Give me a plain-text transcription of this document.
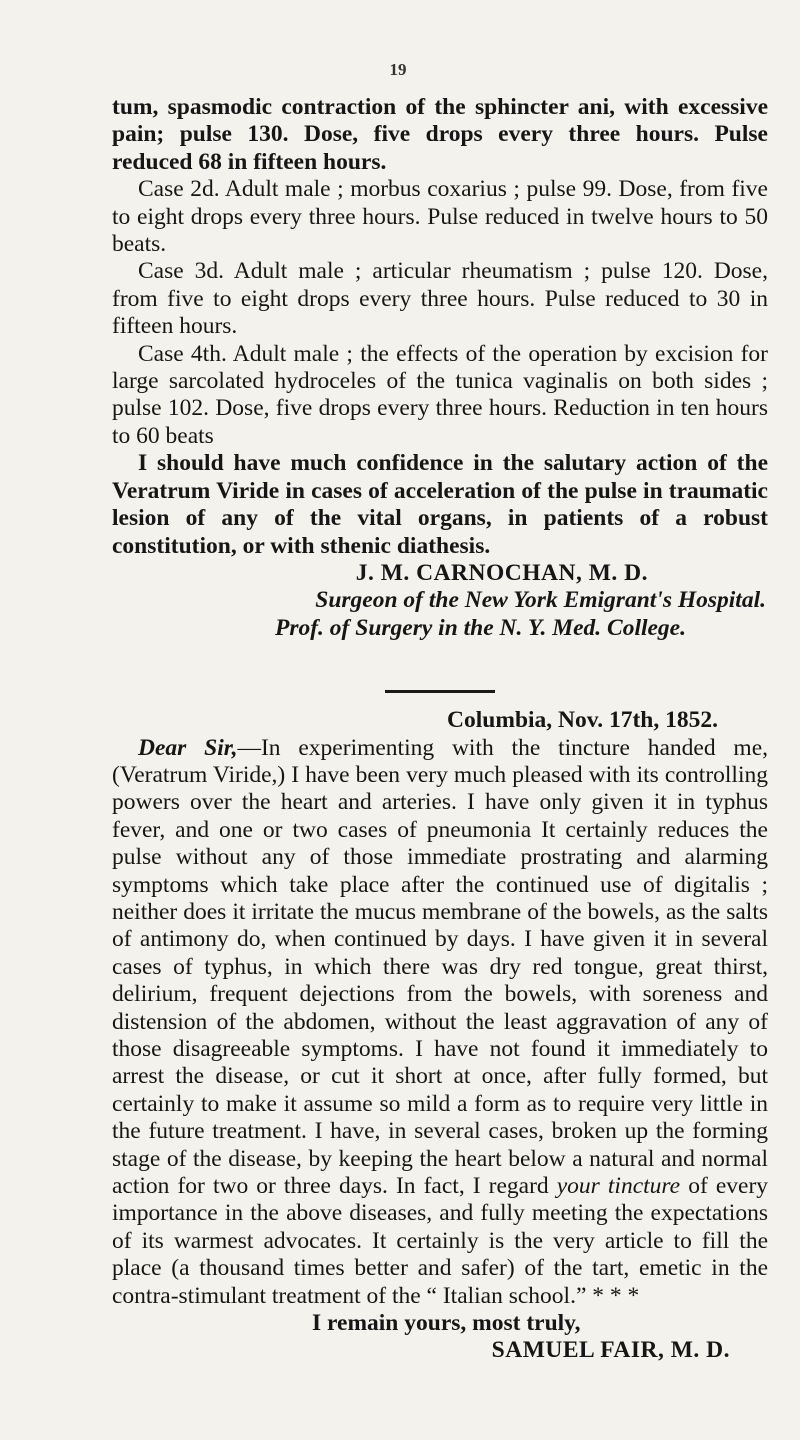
19

tum, spasmodic contraction of the sphincter ani, with excessive pain; pulse 130. Dose, five drops every three hours. Pulse reduced 68 in fifteen hours.

Case 2d. Adult male ; morbus coxarius ; pulse 99. Dose, from five to eight drops every three hours. Pulse reduced in twelve hours to 50 beats.

Case 3d. Adult male ; articular rheumatism ; pulse 120. Dose, from five to eight drops every three hours. Pulse reduced to 30 in fifteen hours.

Case 4th. Adult male ; the effects of the operation by excision for large sarcolated hydroceles of the tunica vaginalis on both sides ; pulse 102. Dose, five drops every three hours. Reduction in ten hours to 60 beats

I should have much confidence in the salutary action of the Veratrum Viride in cases of acceleration of the pulse in traumatic lesion of any of the vital organs, in patients of a robust constitution, or with sthenic diathesis.

J. M. CARNOCHAN, M. D.

Surgeon of the New York Emigrant's Hospital.

Prof. of Surgery in the N. Y. Med. College.

Columbia, Nov. 17th, 1852.

Dear Sir,—In experimenting with the tincture handed me, (Veratrum Viride,) I have been very much pleased with its controlling powers over the heart and arteries. I have only given it in typhus fever, and one or two cases of pneumonia It certainly reduces the pulse without any of those immediate prostrating and alarming symptoms which take place after the continued use of digitalis ; neither does it irritate the mucus membrane of the bowels, as the salts of antimony do, when continued by days. I have given it in several cases of typhus, in which there was dry red tongue, great thirst, delirium, frequent dejections from the bowels, with soreness and distension of the abdomen, without the least aggravation of any of those disagreeable symptoms. I have not found it immediately to arrest the disease, or cut it short at once, after fully formed, but certainly to make it assume so mild a form as to require very little in the future treatment. I have, in several cases, broken up the forming stage of the disease, by keeping the heart below a natural and normal action for two or three days. In fact, I regard your tincture of every importance in the above diseases, and fully meeting the expectations of its warmest advocates. It certainly is the very article to fill the place (a thousand times better and safer) of the tart, emetic in the contra-stimulant treatment of the “ Italian school.” * * *

I remain yours, most truly,

SAMUEL FAIR, M. D.
